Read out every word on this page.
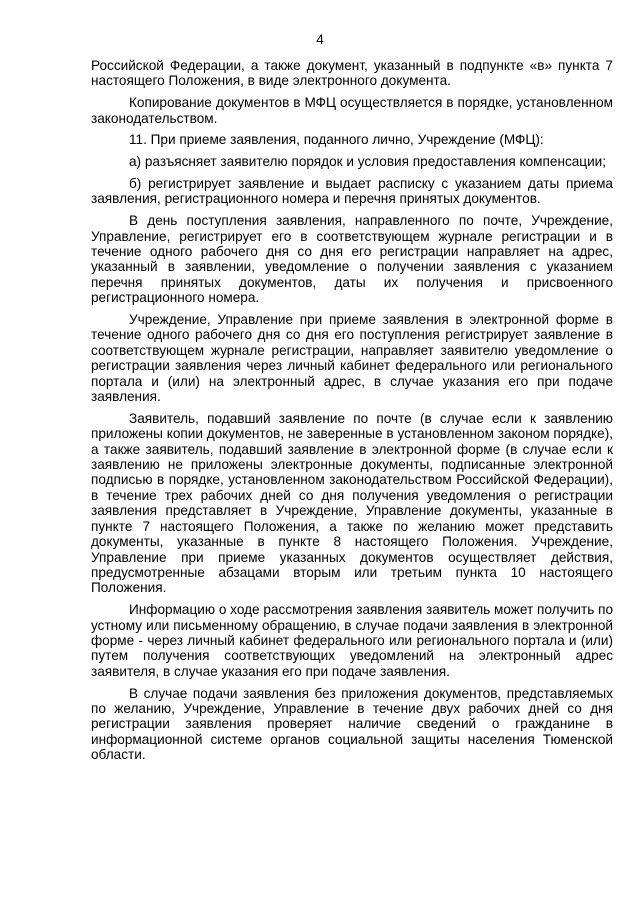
4

Российской Федерации, а также документ, указанный в подпункте «в» пункта 7 настоящего Положения, в виде электронного документа.

Копирование документов в МФЦ осуществляется в порядке, установленном законодательством.

11. При приеме заявления, поданного лично, Учреждение (МФЦ):

а) разъясняет заявителю порядок и условия предоставления компенсации;

б) регистрирует заявление и выдает расписку с указанием даты приема заявления, регистрационного номера и перечня принятых документов.

В день поступления заявления, направленного по почте, Учреждение, Управление, регистрирует его в соответствующем журнале регистрации и в течение одного рабочего дня со дня его регистрации направляет на адрес, указанный в заявлении, уведомление о получении заявления с указанием перечня принятых документов, даты их получения и присвоенного регистрационного номера.

Учреждение, Управление при приеме заявления в электронной форме в течение одного рабочего дня со дня его поступления регистрирует заявление в соответствующем журнале регистрации, направляет заявителю уведомление о регистрации заявления через личный кабинет федерального или регионального портала и (или) на электронный адрес, в случае указания его при подаче заявления.

Заявитель, подавший заявление по почте (в случае если к заявлению приложены копии документов, не заверенные в установленном законом порядке), а также заявитель, подавший заявление в электронной форме (в случае если к заявлению не приложены электронные документы, подписанные электронной подписью в порядке, установленном законодательством Российской Федерации), в течение трех рабочих дней со дня получения уведомления о регистрации заявления представляет в Учреждение, Управление документы, указанные в пункте 7 настоящего Положения, а также по желанию может представить документы, указанные в пункте 8 настоящего Положения. Учреждение, Управление при приеме указанных документов осуществляет действия, предусмотренные абзацами вторым или третьим пункта 10 настоящего Положения.

Информацию о ходе рассмотрения заявления заявитель может получить по устному или письменному обращению, в случае подачи заявления в электронной форме - через личный кабинет федерального или регионального портала и (или) путем получения соответствующих уведомлений на электронный адрес заявителя, в случае указания его при подаче заявления.

В случае подачи заявления без приложения документов, представляемых по желанию, Учреждение, Управление в течение двух рабочих дней со дня регистрации заявления проверяет наличие сведений о гражданине в информационной системе органов социальной защиты населения Тюменской области.
